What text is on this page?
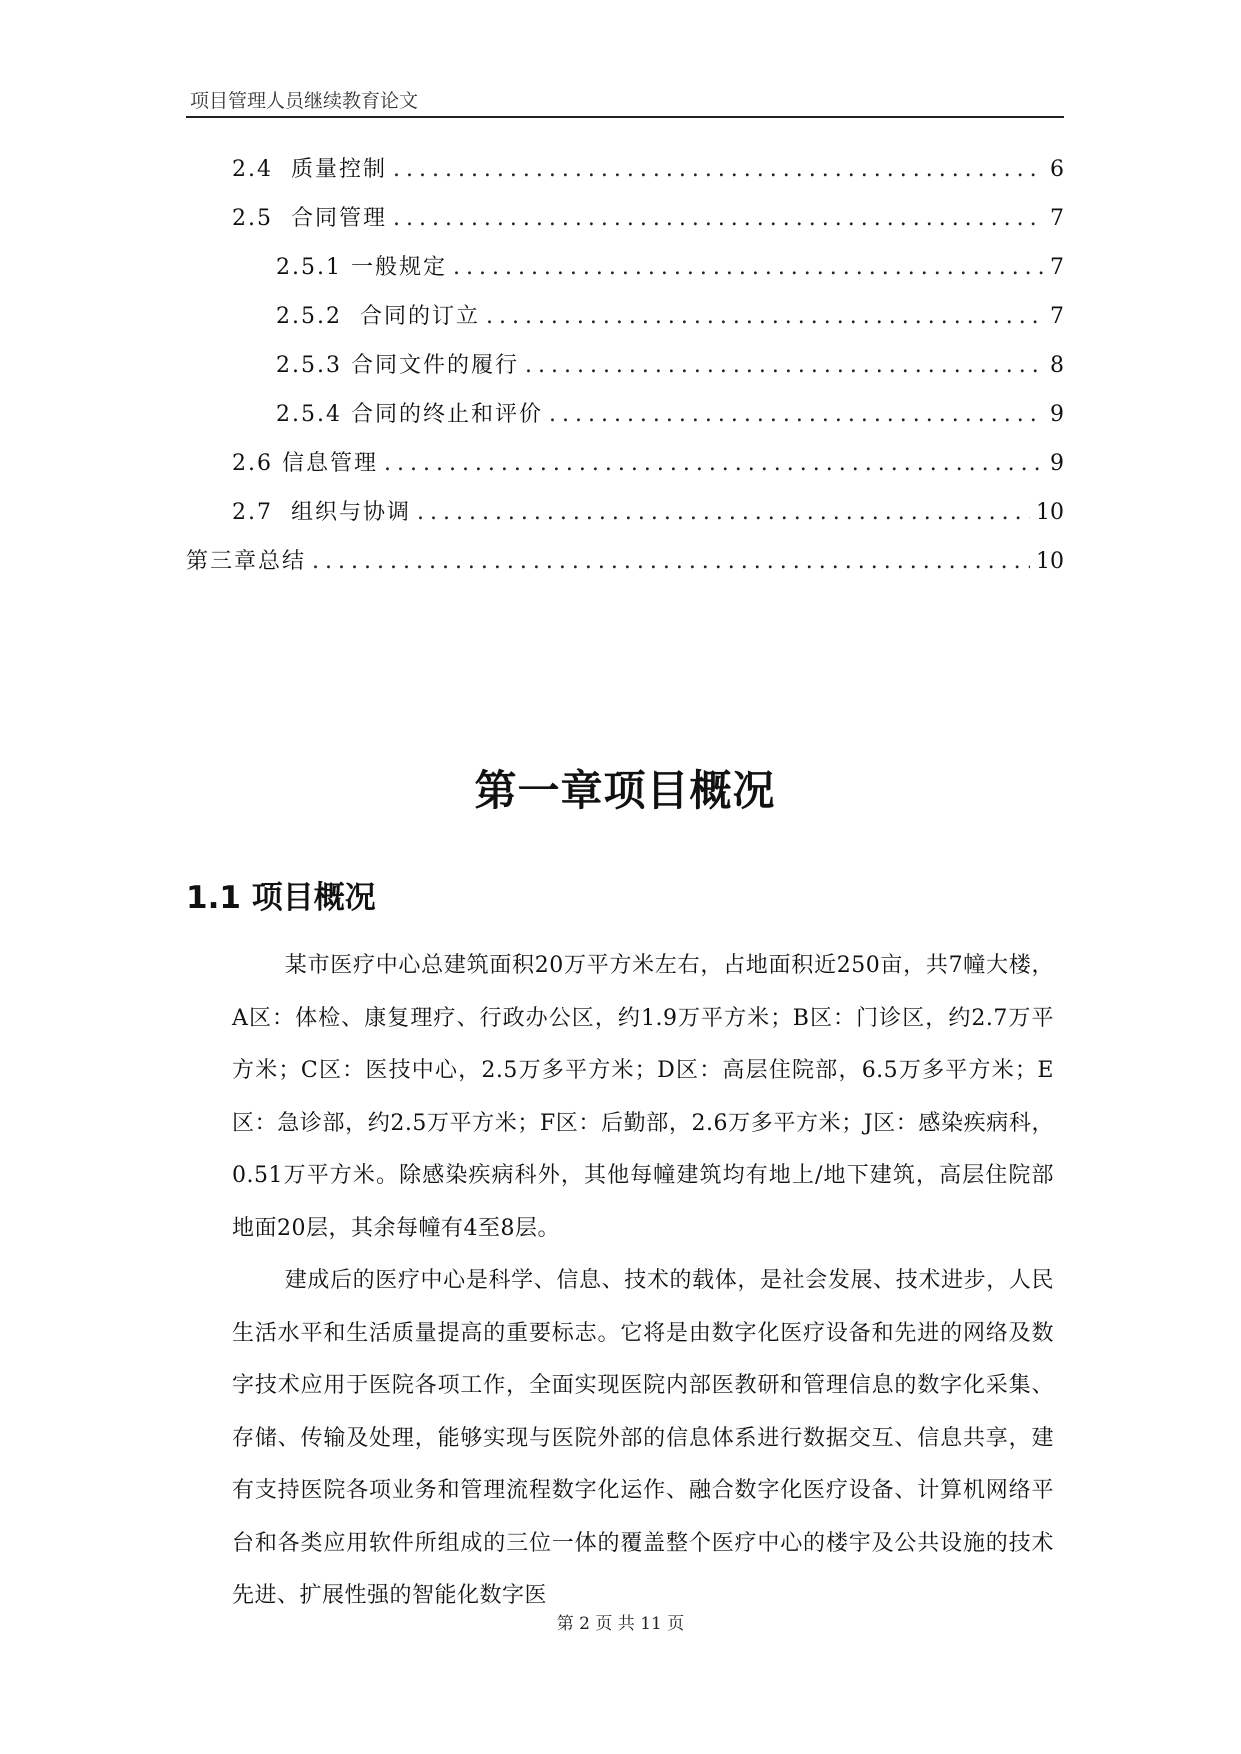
项目管理人员继续教育论文
2.4  质量控制 .....	6
2.5  合同管理 .....	7
2.5.1 一般规定 .....	7
2.5.2  合同的订立 .....	7
2.5.3 合同文件的履行 .....	8
2.5.4 合同的终止和评价 .....	9
2.6 信息管理 .....	9
2.7  组织与协调 .....	10
第三章总结 .....	10
第一章项目概况
1.1 项目概况

某市医疗中心总建筑面积20万平方米左右，占地面积近250亩，共7幢大楼，A区：体检、康复理疗、行政办公区，约1.9万平方米；B区：门诊区，约2.7万平方米；C区：医技中心，2.5万多平方米；D区：高层住院部，6.5万多平方米；E区：急诊部，约2.5万平方米；F区：后勤部，2.6万多平方米；J区：感染疾病科，0.51万平方米。除感染疾病科外，其他每幢建筑均有地上/地下建筑，高层住院部地面20层，其余每幢有4至8层。

建成后的医疗中心是科学、信息、技术的载体，是社会发展、技术进步，人民生活水平和生活质量提高的重要标志。它将是由数字化医疗设备和先进的网络及数字技术应用于医院各项工作，全面实现医院内部医教研和管理信息的数字化采集、存储、传输及处理，能够实现与医院外部的信息体系进行数据交互、信息共享，建有支持医院各项业务和管理流程数字化运作、融合数字化医疗设备、计算机网络平台和各类应用软件所组成的三位一体的覆盖整个医疗中心的楼宇及公共设施的技术先进、扩展性强的智能化数字医

第 2 页 共 11 页
